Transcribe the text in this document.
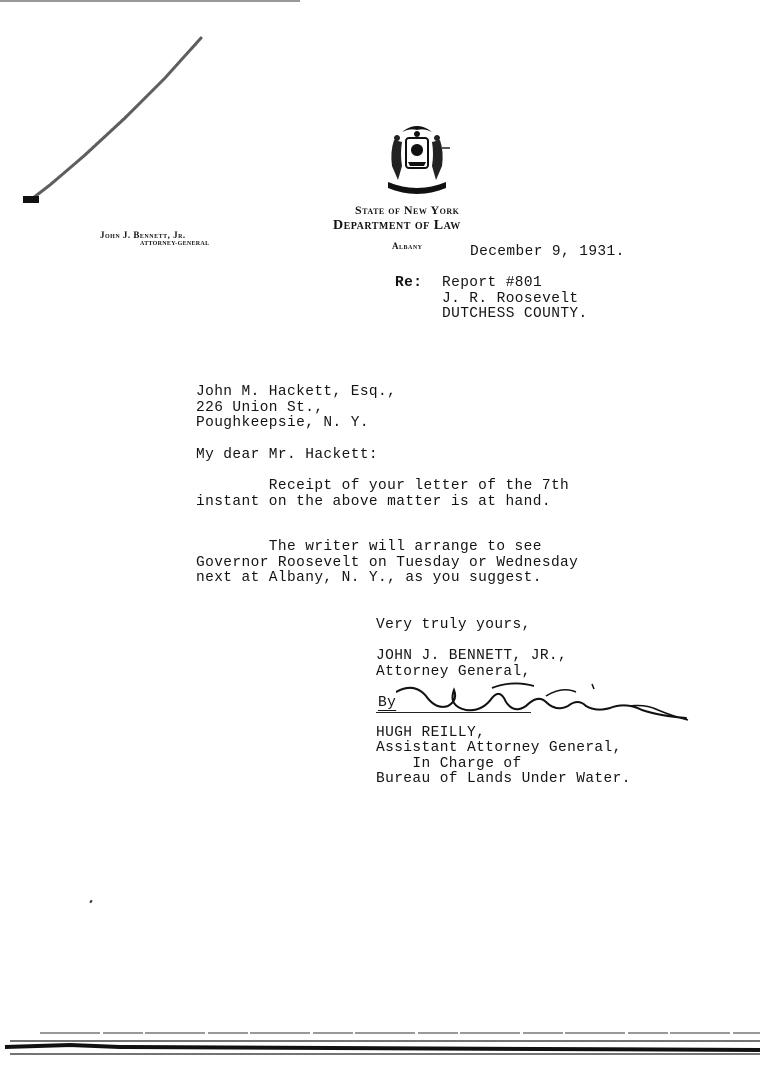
State of New York
Department of Law
Albany
John J. Bennett, Jr.
ATTORNEY-GENERAL	December 9, 1931.
Re: Report #801
J. R. Roosevelt
DUTCHESS COUNTY.
John M. Hackett, Esq.,
226 Union St.,
Poughkeepsie, N. Y.
My dear Mr. Hackett:
Receipt of your letter of the 7th
instant on the above matter is at hand.
The writer will arrange to see
Governor Roosevelt on Tuesday or Wednesday
next at Albany, N. Y., as you suggest.
Very truly yours,
JOHN J. BENNETT, JR.,
Attorney General,
By
HUGH REILLY,
Assistant Attorney General,
In Charge of
Bureau of Lands Under Water.
